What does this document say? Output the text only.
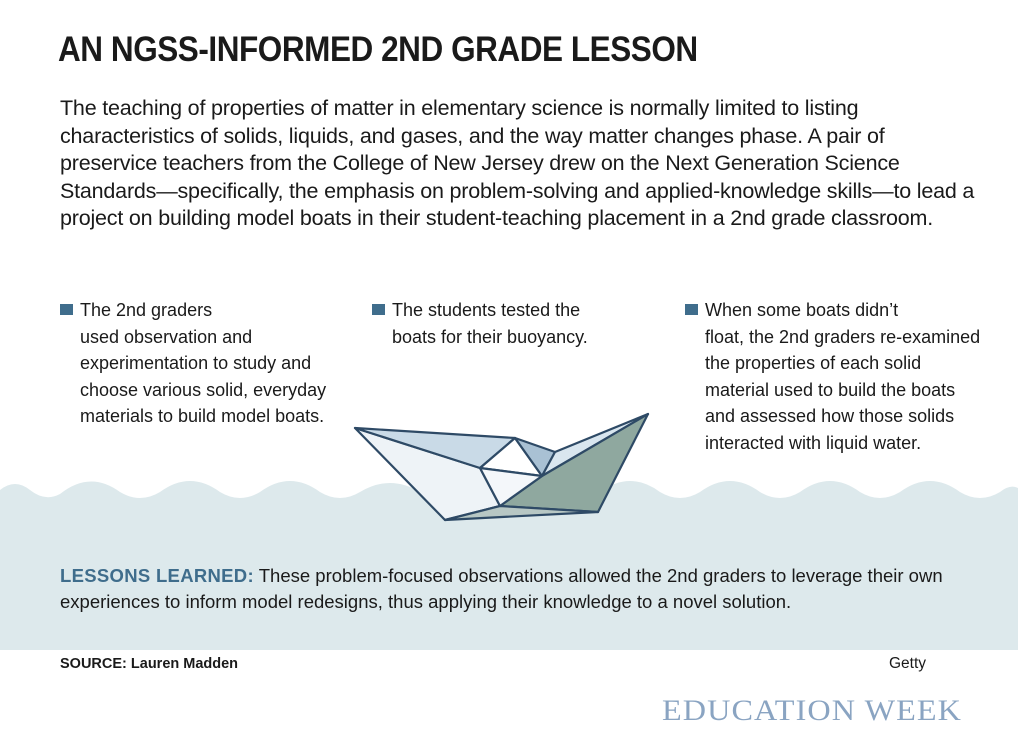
AN NGSS-INFORMED 2ND GRADE LESSON
The teaching of properties of matter in elementary science is normally limited to listing characteristics of solids, liquids, and gases, and the way matter changes phase. A pair of preservice teachers from the College of New Jersey drew on the Next Generation Science Standards—specifically, the emphasis on problem-solving and applied-knowledge skills—to lead a project on building model boats in their student-teaching placement in a 2nd grade classroom.
The 2nd graders
used observation and experimentation to study and choose various solid, everyday materials to build model boats.
The students tested the
boats for their buoyancy.
When some boats didn’t
float, the 2nd graders re-examined the properties of each solid material used to build the boats and assessed how those solids interacted with liquid water.
LESSONS LEARNED: These problem-focused observations allowed the 2nd graders to leverage their own experiences to inform model redesigns, thus applying their knowledge to a novel solution.
SOURCE: Lauren Madden	Getty
EDUCATION WEEK
